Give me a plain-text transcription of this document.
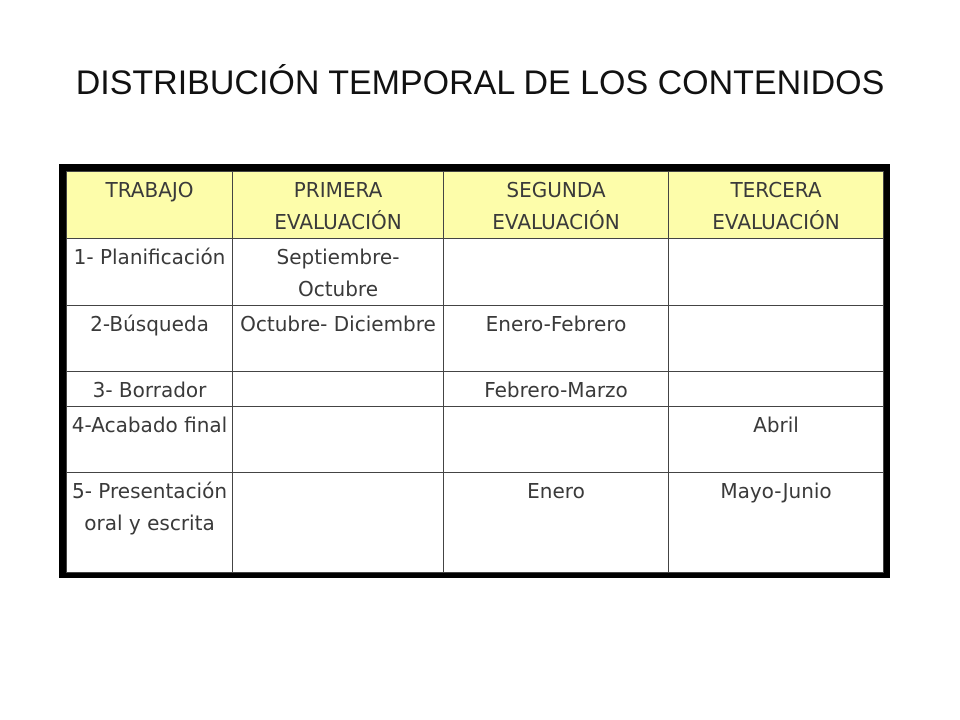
DISTRIBUCIÓN TEMPORAL DE LOS CONTENIDOS
TRABAJO	PRIMERA EVALUACIÓN	SEGUNDA EVALUACIÓN	TERCERA EVALUACIÓN
1- Planificación	Septiembre- Octubre		
2-Búsqueda	Octubre- Diciembre	Enero-Febrero	
3- Borrador		Febrero-Marzo	
4-Acabado final			Abril
5- Presentación oral y escrita		Enero	Mayo-Junio
